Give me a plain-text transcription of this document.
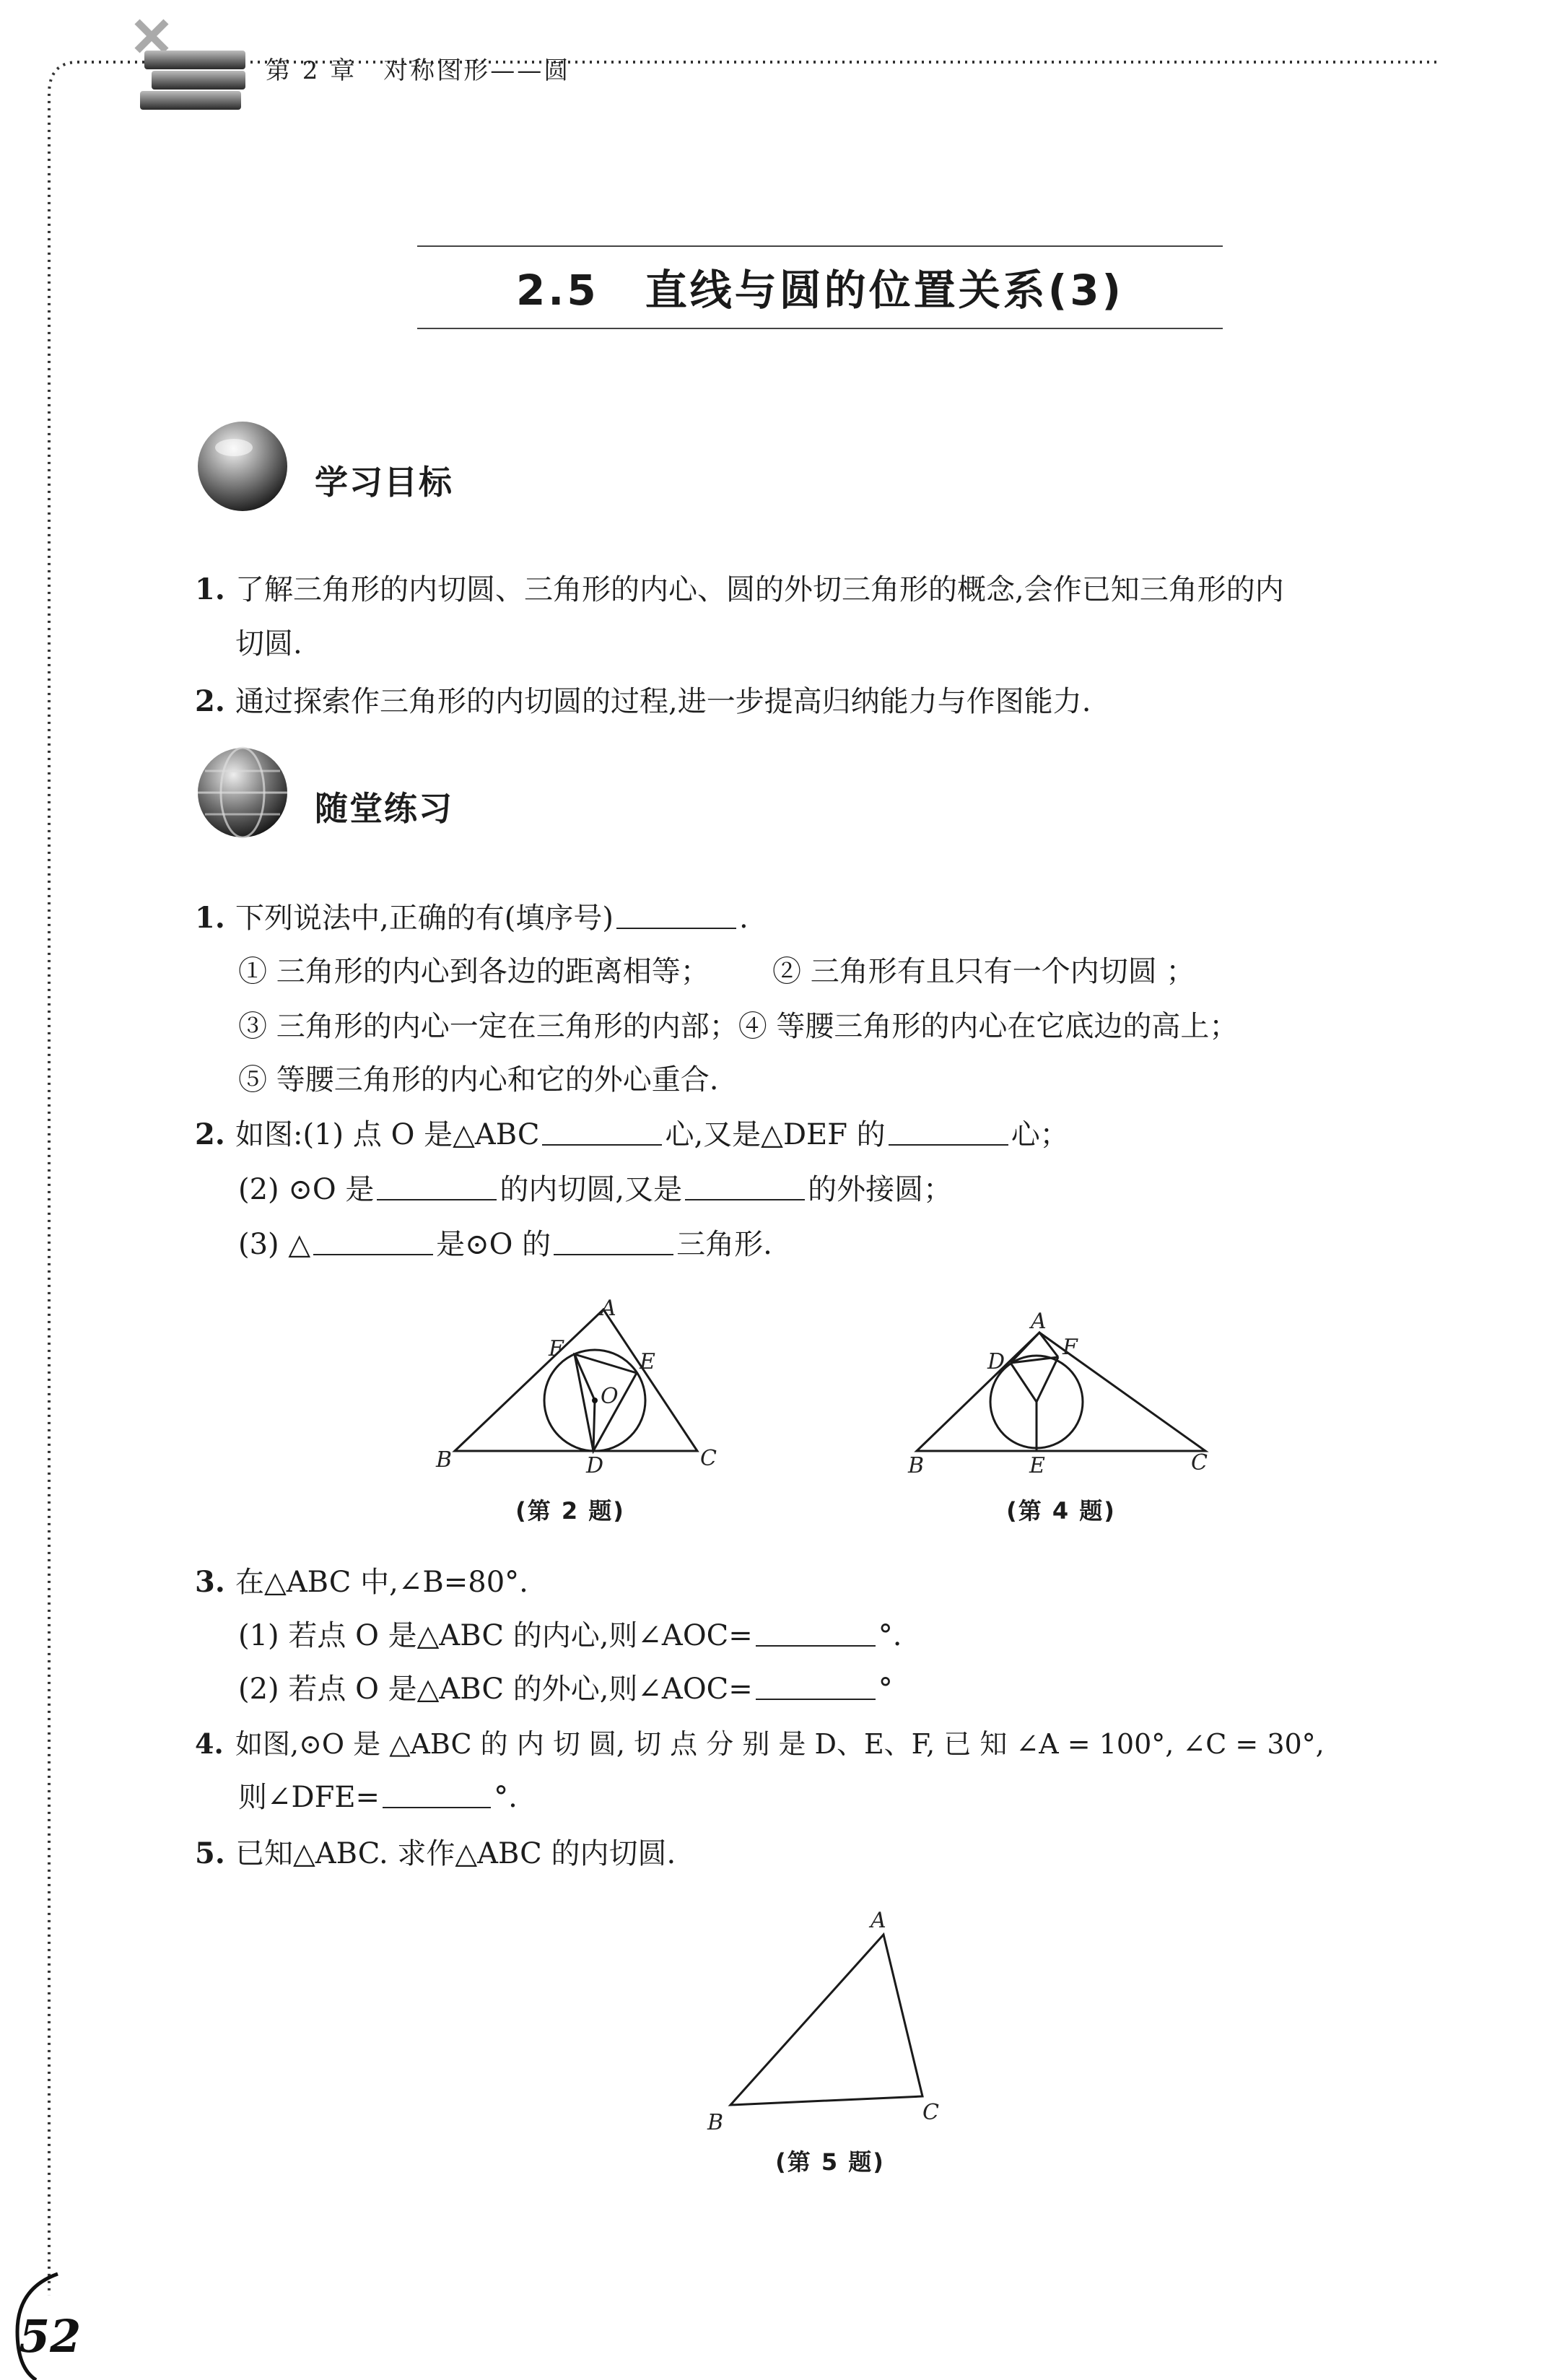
第 2 章　对称图形——圆
2.5 直线与圆的位置关系(3)
学习目标
1. 了解三角形的内切圆、三角形的内心、圆的外切三角形的概念,会作已知三角形的内
切圆.
2. 通过探索作三角形的内切圆的过程,进一步提高归纳能力与作图能力.
随堂练习
1. 下列说法中,正确的有(填序号)	.
① 三角形的内心到各边的距离相等； ② 三角形有且只有一个内切圆 ；
③ 三角形的内心一定在三角形的内部；④ 等腰三角形的内心在它底边的高上；
⑤ 等腰三角形的内心和它的外心重合.
2. 如图:(1) 点 O 是△ABC	心,又是△DEF 的	心；
(2) ⊙O 是	的内切圆,又是	的外接圆；
(3) △	是⊙O 的	三角形.
A
B	C
D
E
F
O
(第 2 题)
A
B	C
D
E
F
(第 4 题)
3. 在△ABC 中,∠B=80°.
(1) 若点 O 是△ABC 的内心,则∠AOC=	°.
(2) 若点 O 是△ABC 的外心,则∠AOC=	°
4. 如图,⊙O 是 △ABC 的 内 切 圆, 切 点 分 别 是 D、E、F, 已 知 ∠A = 100°, ∠C = 30°,
则∠DFE=	°.
5. 已知△ABC. 求作△ABC 的内切圆.
A
B	C
(第 5 题)
52
